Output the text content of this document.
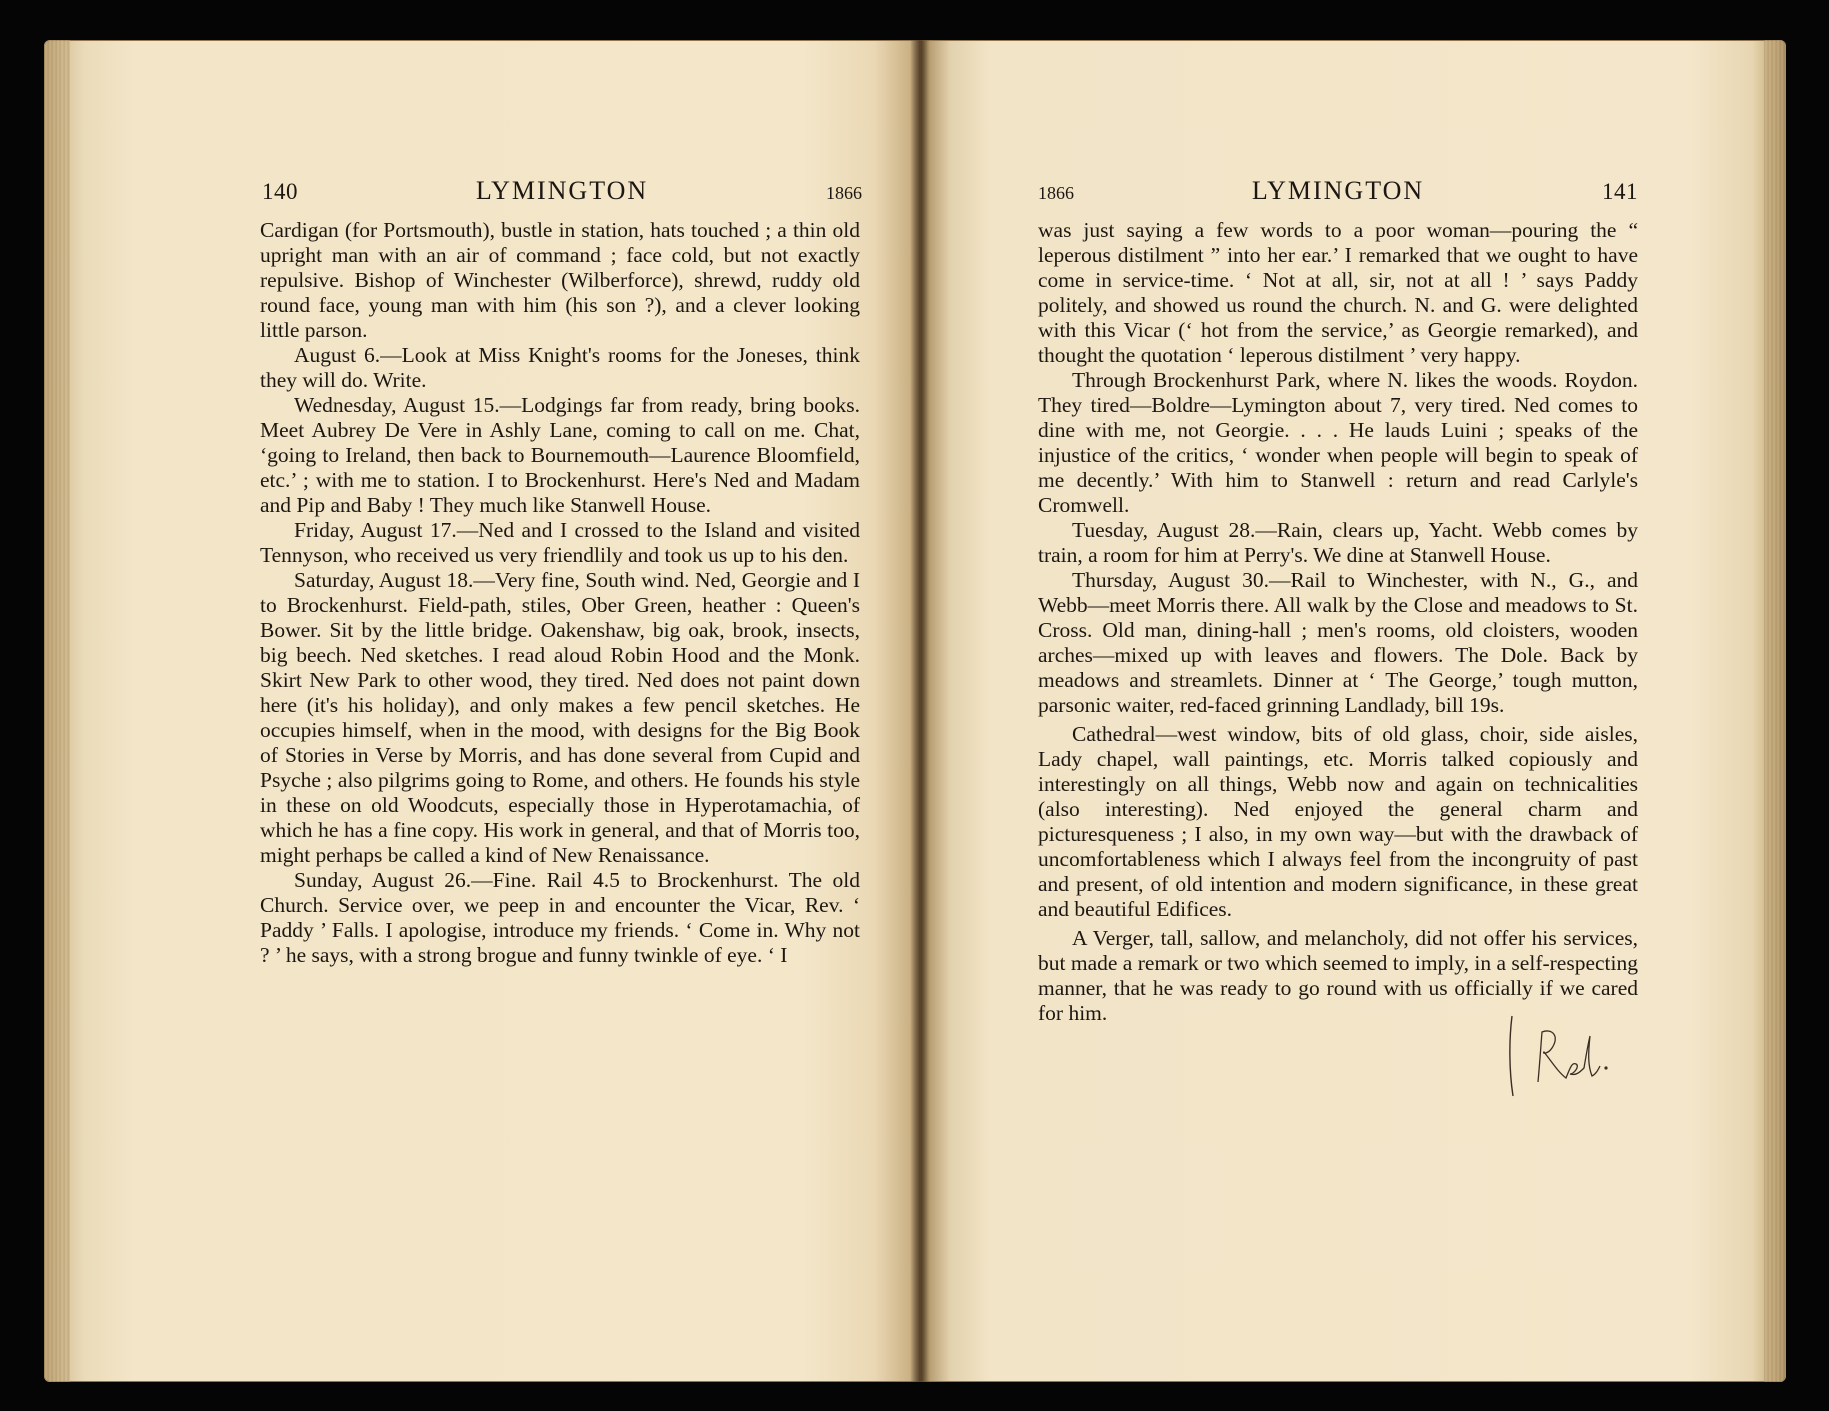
140	LYMINGTON	1866

Cardigan (for Portsmouth), bustle in station, hats touched ; a thin old upright man with an air of command ; face cold, but not exactly repulsive. Bishop of Winchester (Wilberforce), shrewd, ruddy old round face, young man with him (his son ?), and a clever looking little parson.

August 6.—Look at Miss Knight's rooms for the Joneses, think they will do. Write.

Wednesday, August 15.—Lodgings far from ready, bring books. Meet Aubrey De Vere in Ashly Lane, coming to call on me. Chat, ‘going to Ireland, then back to Bournemouth—Laurence Bloomfield, etc.’ ; with me to station. I to Brockenhurst. Here's Ned and Madam and Pip and Baby ! They much like Stanwell House.

Friday, August 17.—Ned and I crossed to the Island and visited Tennyson, who received us very friendlily and took us up to his den.

Saturday, August 18.—Very fine, South wind. Ned, Georgie and I to Brockenhurst. Field-path, stiles, Ober Green, heather : Queen's Bower. Sit by the little bridge. Oakenshaw, big oak, brook, insects, big beech. Ned sketches. I read aloud Robin Hood and the Monk. Skirt New Park to other wood, they tired. Ned does not paint down here (it's his holiday), and only makes a few pencil sketches. He occupies himself, when in the mood, with designs for the Big Book of Stories in Verse by Morris, and has done several from Cupid and Psyche ; also pilgrims going to Rome, and others. He founds his style in these on old Woodcuts, especially those in Hyperotamachia, of which he has a fine copy. His work in general, and that of Morris too, might perhaps be called a kind of New Renaissance.

Sunday, August 26.—Fine. Rail 4.5 to Brockenhurst. The old Church. Service over, we peep in and encounter the Vicar, Rev. ‘ Paddy ’ Falls. I apologise, introduce my friends. ‘ Come in. Why not ? ’ he says, with a strong brogue and funny twinkle of eye. ‘ I

1866	LYMINGTON	141

was just saying a few words to a poor woman—pouring the “ leperous distilment ” into her ear.’ I remarked that we ought to have come in service-time. ‘ Not at all, sir, not at all ! ’ says Paddy politely, and showed us round the church. N. and G. were delighted with this Vicar (‘ hot from the service,’ as Georgie remarked), and thought the quotation ‘ leperous distilment ’ very happy.

Through Brockenhurst Park, where N. likes the woods. Roydon. They tired—Boldre—Lymington about 7, very tired. Ned comes to dine with me, not Georgie. . . . He lauds Luini ; speaks of the injustice of the critics, ‘ wonder when people will begin to speak of me decently.’ With him to Stanwell : return and read Carlyle's Cromwell.

Tuesday, August 28.—Rain, clears up, Yacht. Webb comes by train, a room for him at Perry's. We dine at Stanwell House.

Thursday, August 30.—Rail to Winchester, with N., G., and Webb—meet Morris there. All walk by the Close and meadows to St. Cross. Old man, dining-hall ; men's rooms, old cloisters, wooden arches—mixed up with leaves and flowers. The Dole. Back by meadows and streamlets. Dinner at ‘ The George,’ tough mutton, parsonic waiter, red-faced grinning Landlady, bill 19s.

Cathedral—west window, bits of old glass, choir, side aisles, Lady chapel, wall paintings, etc. Morris talked copiously and interestingly on all things, Webb now and again on technicalities (also interesting). Ned enjoyed the general charm and picturesqueness ; I also, in my own way—but with the drawback of uncomfortableness which I always feel from the incongruity of past and present, of old intention and modern significance, in these great and beautiful Edifices.

A Verger, tall, sallow, and melancholy, did not offer his services, but made a remark or two which seemed to imply, in a self-respecting manner, that he was ready to go round with us officially if we cared for him.
